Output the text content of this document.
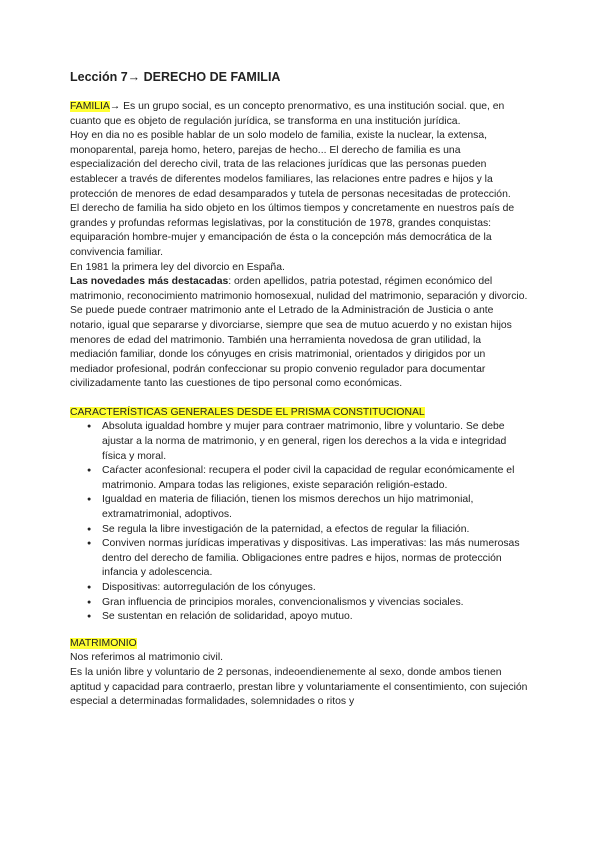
Lección 7→ DERECHO DE FAMILIA

FAMILIA→ Es un grupo social, es un concepto prenormativo, es una institución social. que, en cuanto que es objeto de regulación jurídica, se transforma en una institución jurídica.

Hoy en dia no es posible hablar de un solo modelo de familia, existe la nuclear, la extensa, monoparental, pareja homo, hetero, parejas de hecho... El derecho de familia es una especialización del derecho civil, trata de las relaciones jurídicas que las personas pueden establecer a través de diferentes modelos familiares, las relaciones entre padres e hijos y la protección de menores de edad desamparados y tutela de personas necesitadas de protección.

El derecho de familia ha sido objeto en los últimos tiempos y concretamente en nuestros país de grandes y profundas reformas legislativas, por la constitución de 1978, grandes conquistas: equiparación hombre-mujer y emancipación de ésta o la concepción más democrática de la convivencia familiar.

En 1981 la primera ley del divorcio en España.

Las novedades más destacadas: orden apellidos, patria potestad, régimen económico del matrimonio, reconocimiento matrimonio homosexual, nulidad del matrimonio, separación y divorcio. Se puede puede contraer matrimonio ante el Letrado de la Administración de Justicia o ante notario, igual que separarse y divorciarse, siempre que sea de mutuo acuerdo y no existan hijos menores de edad del matrimonio. También una herramienta novedosa de gran utilidad, la mediación familiar, donde los cónyuges en crisis matrimonial, orientados y dirigidos por un mediador profesional, podrán confeccionar su propio convenio regulador para documentar civilizadamente tanto las cuestiones de tipo personal como económicas.

CARACTERÍSTICAS GENERALES DESDE EL PRISMA CONSTITUCIONAL
● Absoluta igualdad hombre y mujer para contraer matrimonio, libre y voluntario. Se debe ajustar a la norma de matrimonio, y en general, rigen los derechos a la vida e integridad física y moral.
● Caŕacter aconfesional: recupera el poder civil la capacidad de regular económicamente el matrimonio. Ampara todas las religiones, existe separación religión-estado.
● Igualdad en materia de filiación, tienen los mismos derechos un hijo matrimonial, extramatrimonial, adoptivos.
● Se regula la libre investigación de la paternidad, a efectos de regular la filiación.
● Conviven normas jurídicas imperativas y dispositivas. Las imperativas: las más numerosas dentro del derecho de familia. Obligaciones entre padres e hijos, normas de protección infancia y adolescencia.
● Dispositivas: autorregulación de los cónyuges.
● Gran influencia de principios morales, convencionalismos y vivencias sociales.
● Se sustentan en relación de solidaridad, apoyo mutuo.
MATRIMONIO

Nos referimos al matrimonio civil.

Es la unión libre y voluntario de 2 personas, indeoendienemente al sexo, donde ambos tienen aptitud y capacidad para contraerlo, prestan libre y voluntariamente el consentimiento, con sujeción especial a determinadas formalidades, solemnidades o ritos y
